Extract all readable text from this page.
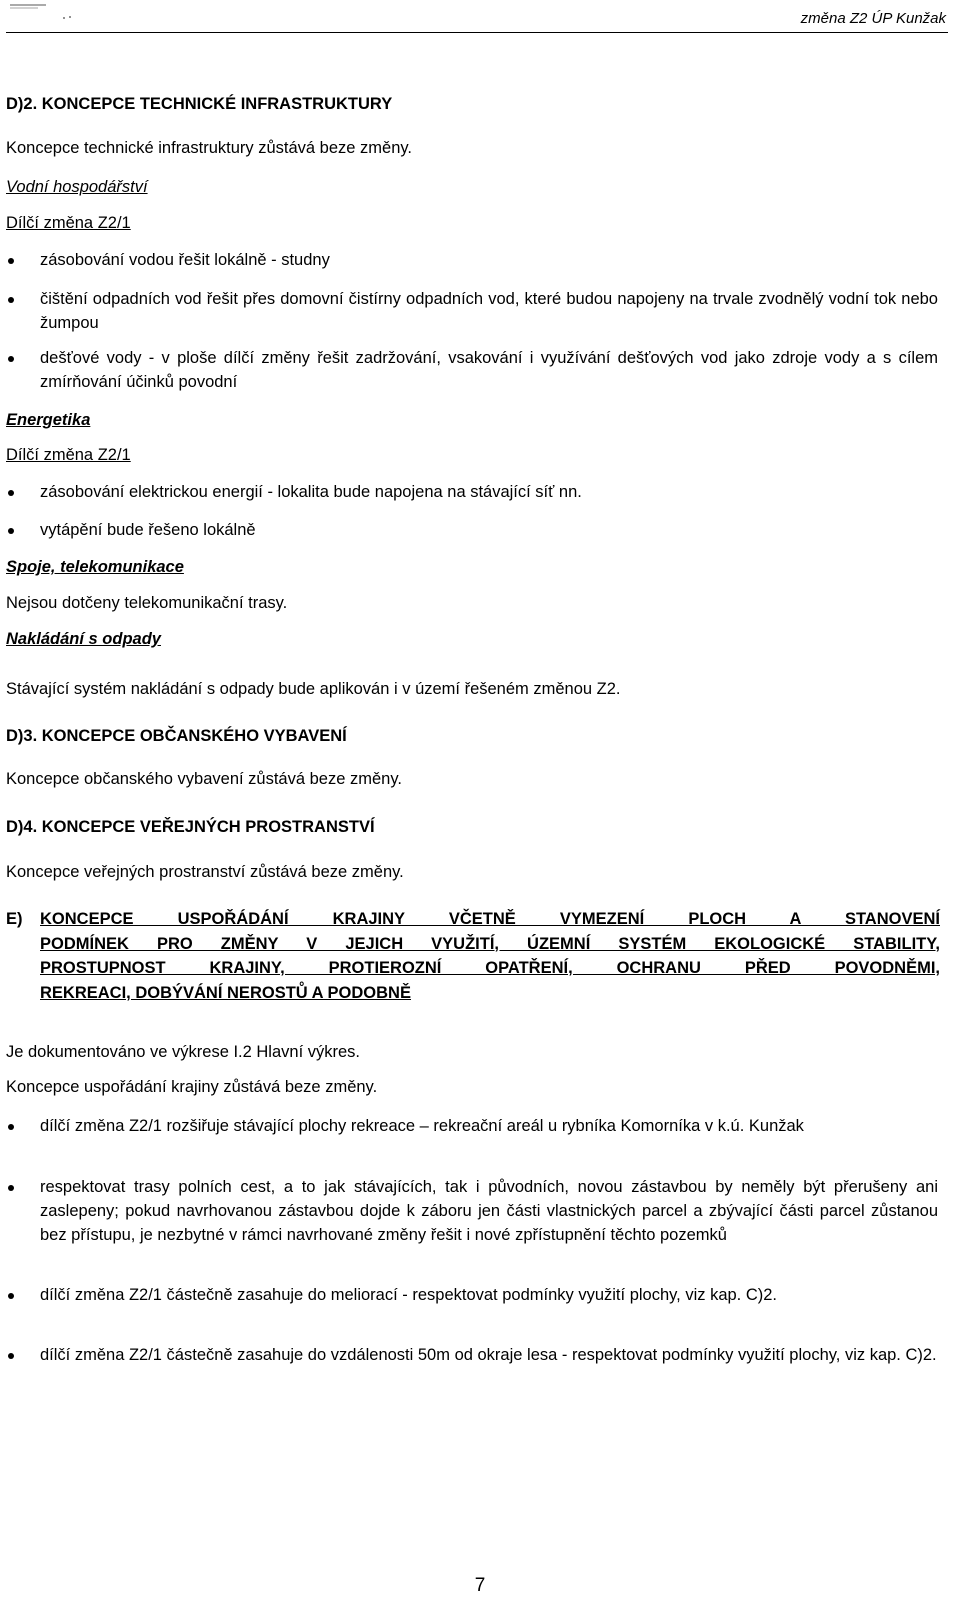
změna Z2 ÚP Kunžak
D)2. KONCEPCE TECHNICKÉ INFRASTRUKTURY
Koncepce technické infrastruktury zůstává beze změny.
Vodní hospodářství
Dílčí změna Z2/1
zásobování vodou řešit lokálně - studny
čištění odpadních vod řešit přes domovní čistírny odpadních vod, které budou napojeny na trvale zvodnělý vodní tok nebo žumpou
dešťové vody - v ploše dílčí změny řešit zadržování, vsakování i využívání dešťových vod jako zdroje vody a s cílem zmírňování účinků povodní
Energetika
Dílčí změna Z2/1
zásobování elektrickou energií - lokalita bude napojena na stávající síť nn.
vytápění bude řešeno lokálně
Spoje, telekomunikace
Nejsou dotčeny telekomunikační trasy.
Nakládání s odpady
Stávající systém nakládání s odpady bude aplikován i v území řešeném změnou Z2.
D)3. KONCEPCE OBČANSKÉHO VYBAVENÍ
Koncepce občanského vybavení zůstává beze změny.
D)4. KONCEPCE VEŘEJNÝCH PROSTRANSTVÍ
Koncepce veřejných prostranství zůstává beze změny.
E) KONCEPCE USPOŘÁDÁNÍ KRAJINY VČETNĚ VYMEZENÍ PLOCH A STANOVENÍ
PODMÍNEK PRO ZMĚNY V JEJICH VYUŽITÍ, ÚZEMNÍ SYSTÉM EKOLOGICKÉ STABILITY,
PROSTUPNOST KRAJINY, PROTIEROZNÍ OPATŘENÍ, OCHRANU PŘED POVODNĚMI,
REKREACI, DOBÝVÁNÍ NEROSTŮ A PODOBNĚ
Je dokumentováno ve výkrese I.2 Hlavní výkres.
Koncepce uspořádání krajiny zůstává beze změny.
dílčí změna Z2/1 rozšiřuje stávající plochy rekreace – rekreační areál u rybníka Komorníka v k.ú. Kunžak
respektovat trasy polních cest, a to jak stávajících, tak i původních, novou zástavbou by neměly být přerušeny ani zaslepeny; pokud navrhovanou zástavbou dojde k záboru jen části vlastnických parcel a zbývající části parcel zůstanou bez přístupu, je nezbytné v rámci navrhované změny řešit i nové zpřístupnění těchto pozemků
dílčí změna Z2/1 částečně zasahuje do meliorací - respektovat podmínky využití plochy, viz kap. C)2.
dílčí změna Z2/1 částečně zasahuje do vzdálenosti 50m od okraje lesa - respektovat podmínky využití plochy, viz kap. C)2.
7
